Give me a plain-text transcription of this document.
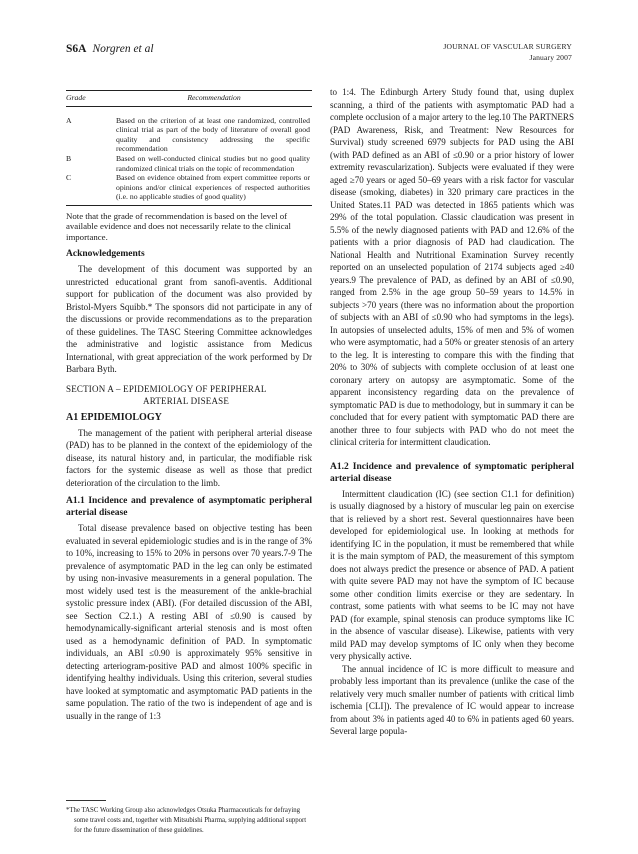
S6A Norgren et al	JOURNAL OF VASCULAR SURGERY
January 2007
Grade	Recommendation
A	Based on the criterion of at least one randomized, controlled clinical trial as part of the body of literature of overall good quality and consistency addressing the specific recommendation
B	Based on well-conducted clinical studies but no good quality randomized clinical trials on the topic of recommendation
C	Based on evidence obtained from expert committee reports or opinions and/or clinical experiences of respected authorities (i.e. no applicable studies of good quality)
Note that the grade of recommendation is based on the level of available evidence and does not necessarily relate to the clinical importance.
Acknowledgements

The development of this document was supported by an unrestricted educational grant from sanofi-aventis. Additional support for publication of the document was also provided by Bristol-Myers Squibb.* The sponsors did not participate in any of the discussions or provide recommendations as to the preparation of these guidelines. The TASC Steering Committee acknowledges the administrative and logistic assistance from Medicus International, with great appreciation of the work performed by Dr Barbara Byth.

SECTION A – EPIDEMIOLOGY OF PERIPHERAL
ARTERIAL DISEASE
A1 EPIDEMIOLOGY

The management of the patient with peripheral arterial disease (PAD) has to be planned in the context of the epidemiology of the disease, its natural history and, in particular, the modifiable risk factors for the systemic disease as well as those that predict deterioration of the circulation to the limb.

A1.1 Incidence and prevalence of asymptomatic peripheral arterial disease

Total disease prevalence based on objective testing has been evaluated in several epidemiologic studies and is in the range of 3% to 10%, increasing to 15% to 20% in persons over 70 years.7-9 The prevalence of asymptomatic PAD in the leg can only be estimated by using non-invasive measurements in a general population. The most widely used test is the measurement of the ankle-brachial systolic pressure index (ABI). (For detailed discussion of the ABI, see Section C2.1.) A resting ABI of ≤0.90 is caused by hemodynamically-significant arterial stenosis and is most often used as a hemodynamic definition of PAD. In symptomatic individuals, an ABI ≤0.90 is approximately 95% sensitive in detecting arteriogram-positive PAD and almost 100% specific in identifying healthy individuals. Using this criterion, several studies have looked at symptomatic and asymptomatic PAD patients in the same population. The ratio of the two is independent of age and is usually in the range of 1:3

*The TASC Working Group also acknowledges Otsuka Pharmaceuticals for defraying some travel costs and, together with Mitsubishi Pharma, supplying additional support for the future dissemination of these guidelines.

to 1:4. The Edinburgh Artery Study found that, using duplex scanning, a third of the patients with asymptomatic PAD had a complete occlusion of a major artery to the leg.10 The PARTNERS (PAD Awareness, Risk, and Treatment: New Resources for Survival) study screened 6979 subjects for PAD using the ABI (with PAD defined as an ABI of ≤0.90 or a prior history of lower extremity revascularization). Subjects were evaluated if they were aged ≥70 years or aged 50–69 years with a risk factor for vascular disease (smoking, diabetes) in 320 primary care practices in the United States.11 PAD was detected in 1865 patients which was 29% of the total population. Classic claudication was present in 5.5% of the newly diagnosed patients with PAD and 12.6% of the patients with a prior diagnosis of PAD had claudication. The National Health and Nutritional Examination Survey recently reported on an unselected population of 2174 subjects aged ≥40 years.9 The prevalence of PAD, as defined by an ABI of ≤0.90, ranged from 2.5% in the age group 50–59 years to 14.5% in subjects >70 years (there was no information about the proportion of subjects with an ABI of ≤0.90 who had symptoms in the legs). In autopsies of unselected adults, 15% of men and 5% of women who were asymptomatic, had a 50% or greater stenosis of an artery to the leg. It is interesting to compare this with the finding that 20% to 30% of subjects with complete occlusion of at least one coronary artery on autopsy are asymptomatic. Some of the apparent inconsistency regarding data on the prevalence of symptomatic PAD is due to methodology, but in summary it can be concluded that for every patient with symptomatic PAD there are another three to four subjects with PAD who do not meet the clinical criteria for intermittent claudication.

A1.2 Incidence and prevalence of symptomatic peripheral arterial disease

Intermittent claudication (IC) (see section C1.1 for definition) is usually diagnosed by a history of muscular leg pain on exercise that is relieved by a short rest. Several questionnaires have been developed for epidemiological use. In looking at methods for identifying IC in the population, it must be remembered that while it is the main symptom of PAD, the measurement of this symptom does not always predict the presence or absence of PAD. A patient with quite severe PAD may not have the symptom of IC because some other condition limits exercise or they are sedentary. In contrast, some patients with what seems to be IC may not have PAD (for example, spinal stenosis can produce symptoms like IC in the absence of vascular disease). Likewise, patients with very mild PAD may develop symptoms of IC only when they become very physically active.

The annual incidence of IC is more difficult to measure and probably less important than its prevalence (unlike the case of the relatively very much smaller number of patients with critical limb ischemia [CLI]). The prevalence of IC would appear to increase from about 3% in patients aged 40 to 6% in patients aged 60 years. Several large popula-
